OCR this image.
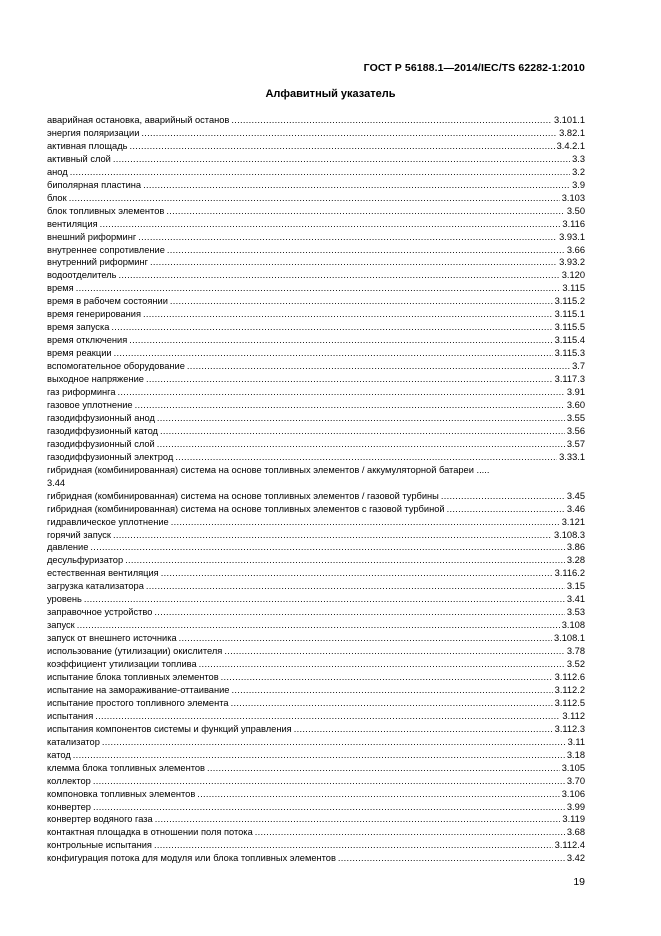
ГОСТ Р 56188.1—2014/IEC/TS 62282-1:2010
Алфавитный указатель
аварийная остановка, аварийный останов .....	3.101.1
энергия поляризации .....	3.82.1
активная площадь .....	3.4.2.1
активный слой .....	3.3
анод .....	3.2
биполярная пластина .....	3.9
блок .....	3.103
блок топливных элементов .....	3.50
вентиляция .....	3.116
внешний риформинг .....	3.93.1
внутреннее сопротивление .....	3.66
внутренний риформинг .....	3.93.2
водоотделитель .....	3.120
время .....	3.115
время в рабочем состоянии .....	3.115.2
время генерирования .....	3.115.1
время запуска .....	3.115.5
время отключения .....	3.115.4
время реакции .....	3.115.3
вспомогательное оборудование .....	3.7
выходное напряжение .....	3.117.3
газ риформинга .....	3.91
газовое уплотнение .....	3.60
газодиффузионный анод .....	3.55
газодиффузионный катод .....	3.56
газодиффузионный слой .....	3.57
газодиффузионный электрод .....	3.33.1
гибридная (комбинированная) система на основе топливных элементов / аккумуляторной батареи .....
3.44
гибридная (комбинированная) система на основе топливных элементов / газовой турбины .....	3.45
гибридная (комбинированная) система на основе топливных элементов с газовой турбиной .....	3.46
гидравлическое уплотнение .....	3.121
горячий запуск .....	3.108.3
давление .....	3.86
десульфуризатор .....	3.28
естественная вентиляция .....	3.116.2
загрузка катализатора .....	3.15
уровень .....	3.41
заправочное устройство .....	3.53
запуск .....	3.108
запуск от внешнего источника .....	3.108.1
использование (утилизации) окислителя .....	3.78
коэффициент утилизации топлива .....	3.52
испытание блока топливных элементов .....	3.112.6
испытание на замораживание-оттаивание .....	3.112.2
испытание простого топливного элемента .....	3.112.5
испытания .....	3.112
испытания компонентов системы и функций управления .....	3.112.3
катализатор .....	3.11
катод .....	3.18
клемма блока топливных элементов .....	3.105
коллектор .....	3.70
компоновка топливных элементов .....	3.106
конвертер .....	3.99
конвертер водяного газа .....	3.119
контактная площадка в отношении поля потока .....	3.68
контрольные испытания .....	3.112.4
конфигурация потока для модуля или блока топливных элементов .....	3.42
19
